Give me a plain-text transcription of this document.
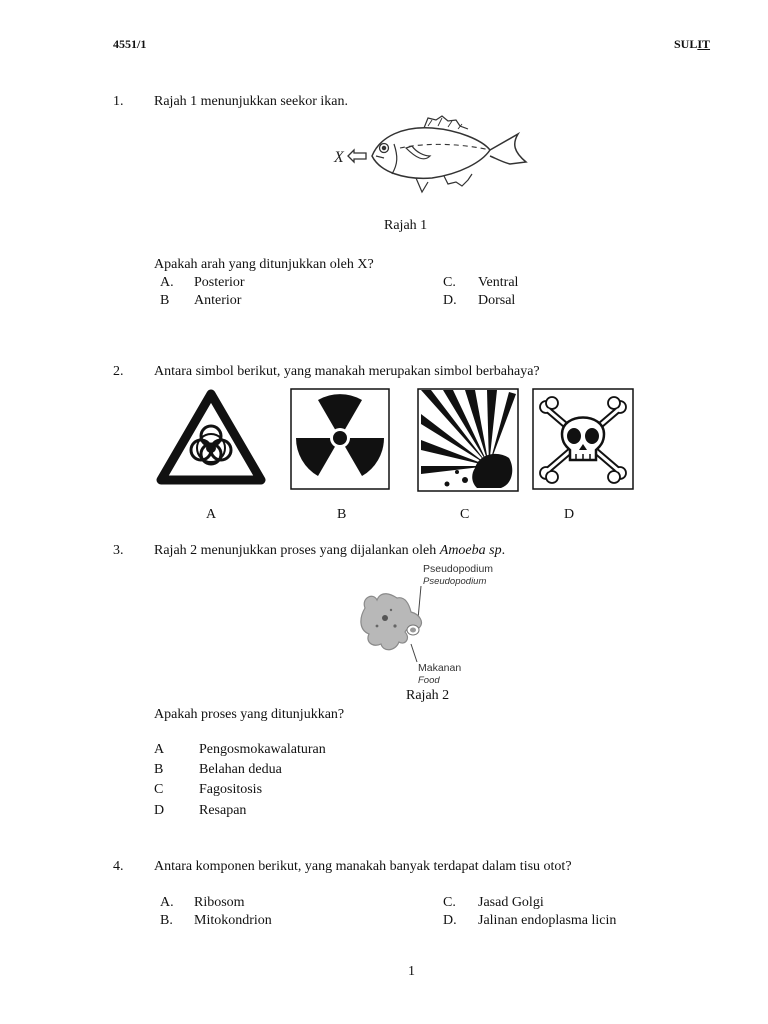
4551/1	SULIT
1. Rajah 1 menunjukkan seekor ikan.
X
Rajah 1
Apakah arah yang ditunjukkan oleh X?
A. Posterior
B Anterior
C. Ventral
D. Dorsal
2. Antara simbol berikut, yang manakah merupakan simbol berbahaya?
A	B	C	D
3. Rajah 2 menunjukkan proses yang dijalankan oleh Amoeba sp.
Pseudopodium
Pseudopodium
Makanan
Food
Rajah 2
Apakah proses yang ditunjukkan?
A Pengosmokawalaturan
B	Belahan dedua
C	Fagositosis
D Resapan
4. Antara komponen berikut, yang manakah banyak terdapat dalam tisu otot?
A. Ribosom
B. Mitokondrion
C. Jasad Golgi
D. Jalinan endoplasma licin
1
